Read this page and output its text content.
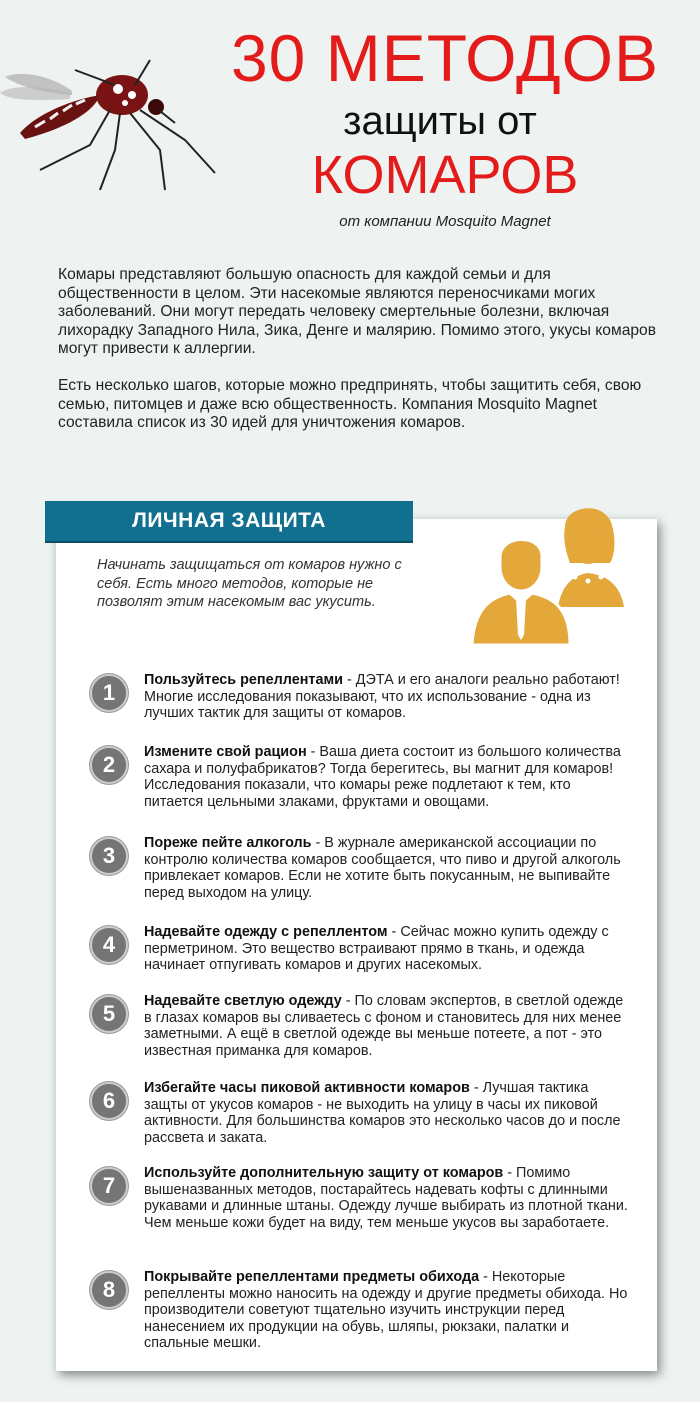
30 МЕТОДОВ
защиты от
КОМАРОВ
от компании Mosquito Magnet

Комары представляют большую опасность для каждой семьи и для общественности в целом. Эти насекомые являются переносчиками могих заболеваний. Они могут передать человеку смертельные болезни, включая лихорадку Западного Нила, Зика, Денге и малярию. Помимо этого, укусы комаров могут привести к аллергии.

Есть несколько шагов, которые можно предпринять, чтобы защитить себя, свою семью, питомцев и даже всю общественность. Компания Mosquito Magnet составила список из 30 идей для уничтожения комаров.

ЛИЧНАЯ ЗАЩИТА
Начинать защищаться от комаров нужно с себя. Есть много методов, которые не позволят этим насекомым вас укусить.
1	Пользуйтесь репеллентами - ДЭТА и его аналоги реально работают! Многие исследования показывают, что их использование - одна из лучших тактик для защиты от комаров.
2	Измените свой рацион - Ваша диета состоит из большого количества сахара и полуфабрикатов? Тогда берегитесь, вы магнит для комаров! Исследования показали, что комары реже подлетают к тем, кто питается цельными злаками, фруктами и овощами.
3	Пореже пейте алкоголь - В журнале американской ассоциации по контролю количества комаров сообщается, что пиво и другой алкоголь привлекает комаров. Если не хотите быть покусанным, не выпивайте перед выходом на улицу.
4	Надевайте одежду с репеллентом - Сейчас можно купить одежду с перметрином. Это вещество встраивают прямо в ткань, и одежда начинает отпугивать комаров и других насекомых.
5	Надевайте светлую одежду - По словам экспертов, в светлой одежде в глазах комаров вы сливаетесь с фоном и становитесь для них менее заметными. А ещё в светлой одежде вы меньше потеете, а пот - это известная приманка для комаров.
6	Избегайте часы пиковой активности комаров - Лучшая тактика защты от укусов комаров - не выходить на улицу в часы их пиковой активности. Для большинства комаров это несколько часов до и после рассвета и заката.
7	Используйте дополнительную защиту от комаров - Помимо вышеназванных методов, постарайтесь надевать кофты с длинными рукавами и длинные штаны. Одежду лучше выбирать из плотной ткани. Чем меньше кожи будет на виду, тем меньше укусов вы заработаете.
8	Покрывайте репеллентами предметы обихода - Некоторые репелленты можно наносить на одежду и другие предметы обихода. Но производители советуют тщательно изучить инструкции перед нанесением их продукции на обувь, шляпы, рюкзаки, палатки и спальные мешки.
